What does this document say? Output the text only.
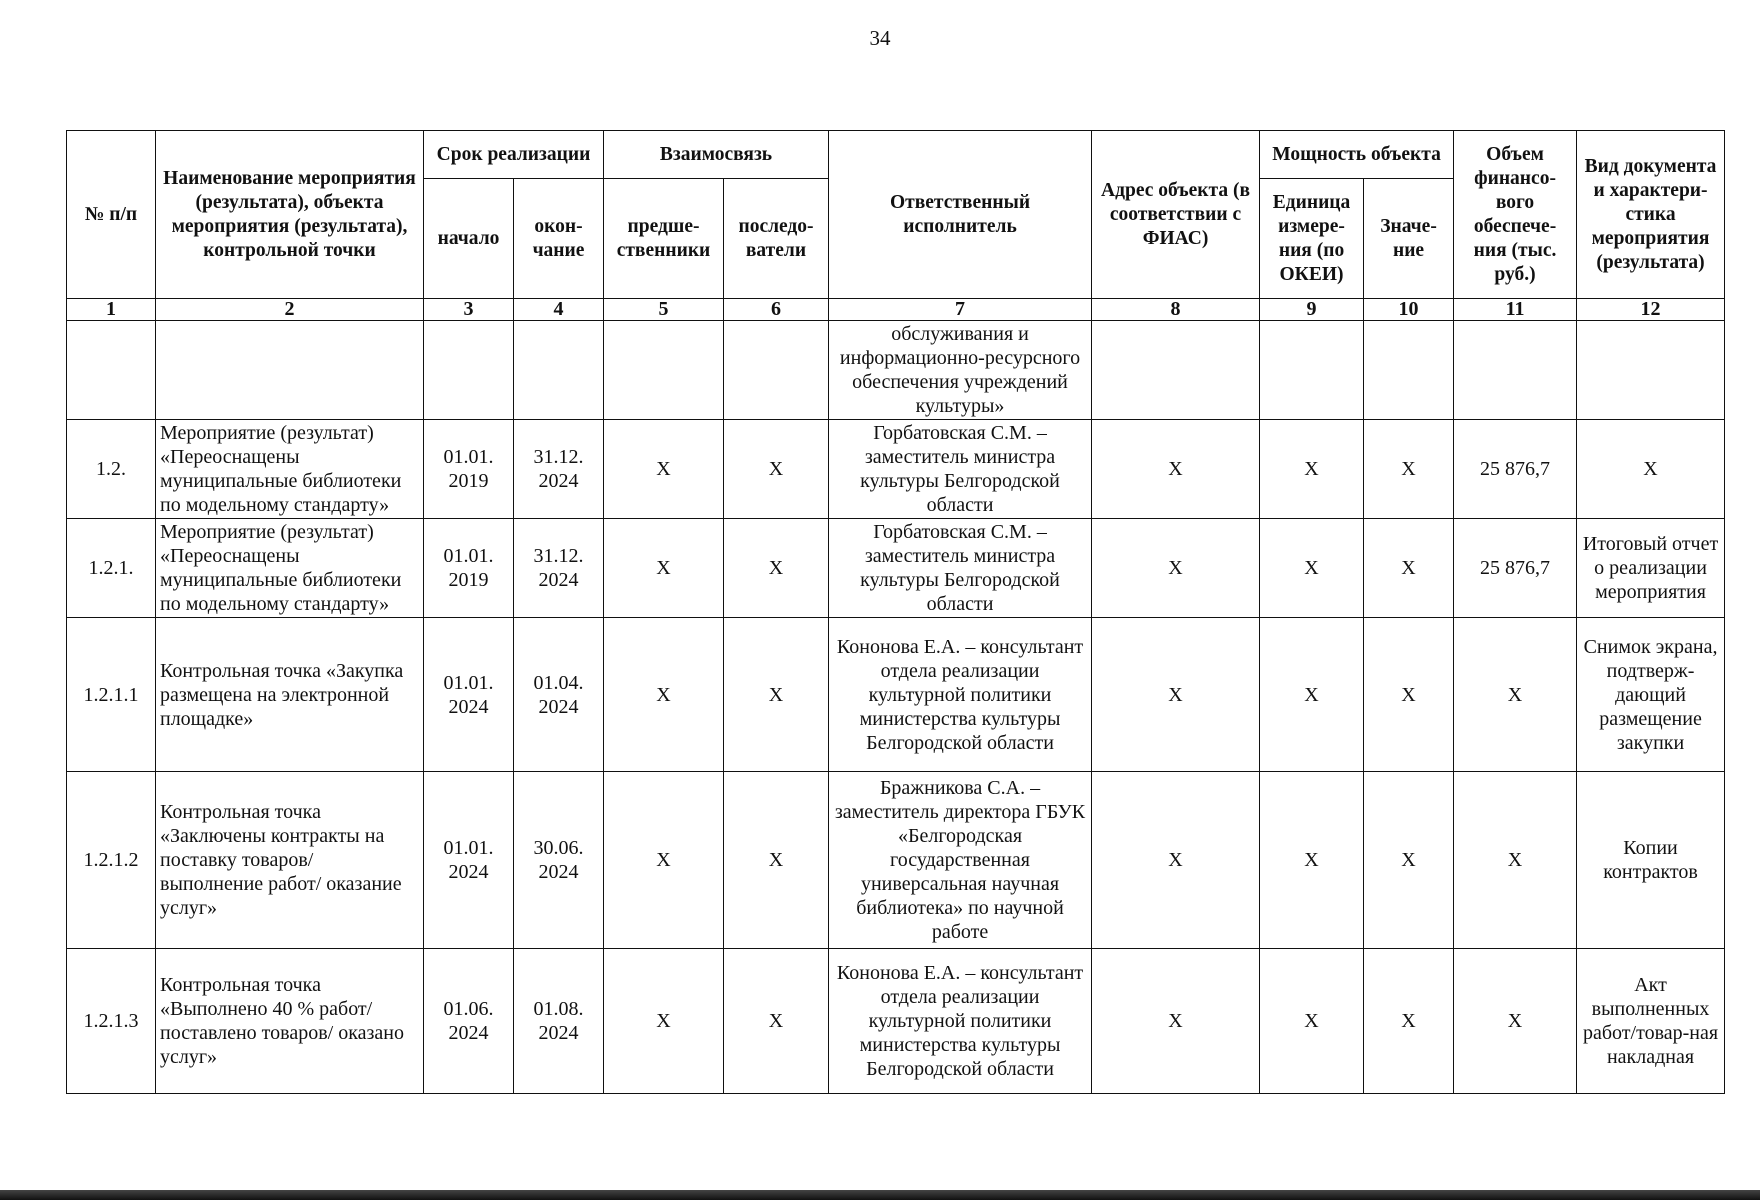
34
№ п/п	Наименование мероприятия (результата), объекта мероприятия (результата), контрольной точки	Срок реализации		Взаимосвязь		Ответственный исполнитель	Адрес объекта (в соответствии с ФИАС)	Мощность объекта		Объем финансо-вого обеспече-ния (тыс. руб.)	Вид документа и характери-стика мероприятия (результата)
		начало	окон-чание	предше-ственники	последо-ватели			Единица измере-ния (по ОКЕИ)	Значе-ние		
1	2	3	4	5	6	7	8	9	10	11	12
						обслуживания и информационно-ресурсного обеспечения учреждений культуры»					
1.2.	Мероприятие (результат) «Переоснащены муниципальные библиотеки по модельному стандарту»	01.01. 2019	31.12. 2024	Х	Х	Горбатовская С.М. – заместитель министра культуры Белгородской области	Х	Х	Х	25 876,7	Х
1.2.1.	Мероприятие (результат) «Переоснащены муниципальные библиотеки по модельному стандарту»	01.01. 2019	31.12. 2024	Х	Х	Горбатовская С.М. – заместитель министра культуры Белгородской области	Х	Х	Х	25 876,7	Итоговый отчет о реализации мероприятия
1.2.1.1	Контрольная точка «Закупка размещена на электронной площадке»	01.01. 2024	01.04. 2024	Х	Х	Кононова Е.А. – консультант отдела реализации культурной политики министерства культуры Белгородской области	Х	Х	Х	Х	Снимок экрана, подтверж-дающий размещение закупки
1.2.1.2	Контрольная точка «Заключены контракты на поставку товаров/ выполнение работ/ оказание услуг»	01.01. 2024	30.06. 2024	Х	Х	Бражникова С.А. – заместитель директора ГБУК «Белгородская государственная универсальная научная библиотека» по научной работе	Х	Х	Х	Х	Копии контрактов
1.2.1.3	Контрольная точка «Выполнено 40 % работ/ поставлено товаров/ оказано услуг»	01.06. 2024	01.08. 2024	Х	Х	Кононова Е.А. – консультант отдела реализации культурной политики министерства культуры Белгородской области	Х	Х	Х	Х	Акт выполненных работ/товар-ная накладная
